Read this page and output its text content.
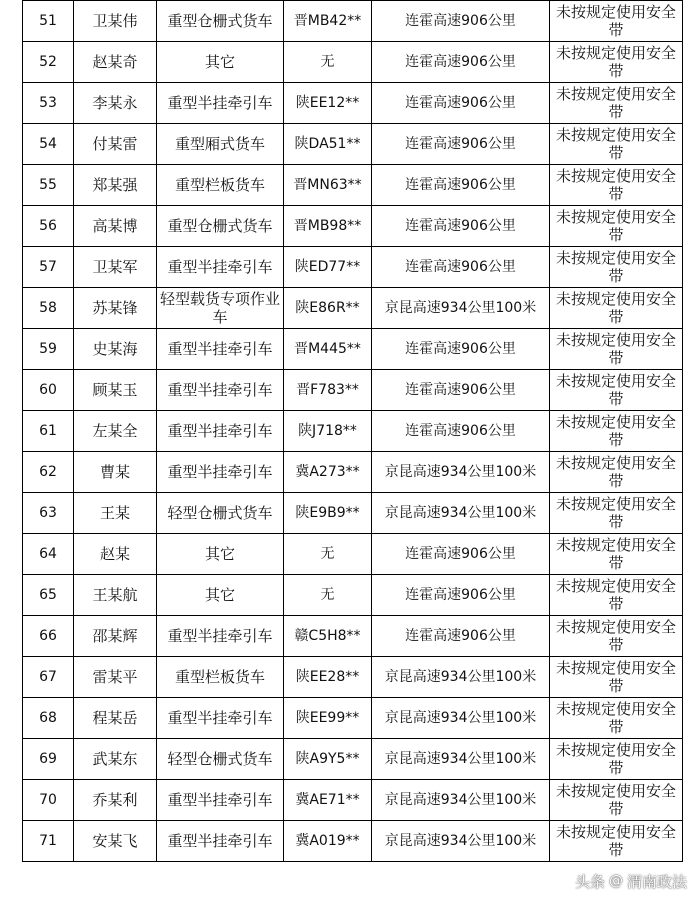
51	卫某伟	重型仓栅式货车	晋MB42**	连霍高速906公里	未按规定使用安全带
52	赵某奇	其它	无	连霍高速906公里	未按规定使用安全带
53	李某永	重型半挂牵引车	陕EE12**	连霍高速906公里	未按规定使用安全带
54	付某雷	重型厢式货车	陕DA51**	连霍高速906公里	未按规定使用安全带
55	郑某强	重型栏板货车	晋MN63**	连霍高速906公里	未按规定使用安全带
56	高某博	重型仓栅式货车	晋MB98**	连霍高速906公里	未按规定使用安全带
57	卫某军	重型半挂牵引车	陕ED77**	连霍高速906公里	未按规定使用安全带
58	苏某锋	轻型载货专项作业车	陕E86R**	京昆高速934公里100米	未按规定使用安全带
59	史某海	重型半挂牵引车	晋M445**	连霍高速906公里	未按规定使用安全带
60	顾某玉	重型半挂牵引车	晋F783**	连霍高速906公里	未按规定使用安全带
61	左某全	重型半挂牵引车	陕J718**	连霍高速906公里	未按规定使用安全带
62	曹某	重型半挂牵引车	冀A273**	京昆高速934公里100米	未按规定使用安全带
63	王某	轻型仓栅式货车	陕E9B9**	京昆高速934公里100米	未按规定使用安全带
64	赵某	其它	无	连霍高速906公里	未按规定使用安全带
65	王某航	其它	无	连霍高速906公里	未按规定使用安全带
66	邵某辉	重型半挂牵引车	赣C5H8**	连霍高速906公里	未按规定使用安全带
67	雷某平	重型栏板货车	陕EE28**	京昆高速934公里100米	未按规定使用安全带
68	程某岳	重型半挂牵引车	陕EE99**	京昆高速934公里100米	未按规定使用安全带
69	武某东	轻型仓栅式货车	陕A9Y5**	京昆高速934公里100米	未按规定使用安全带
70	乔某利	重型半挂牵引车	冀AE71**	京昆高速934公里100米	未按规定使用安全带
71	安某飞	重型半挂牵引车	冀A019**	京昆高速934公里100米	未按规定使用安全带
头条 @ 渭南政法
